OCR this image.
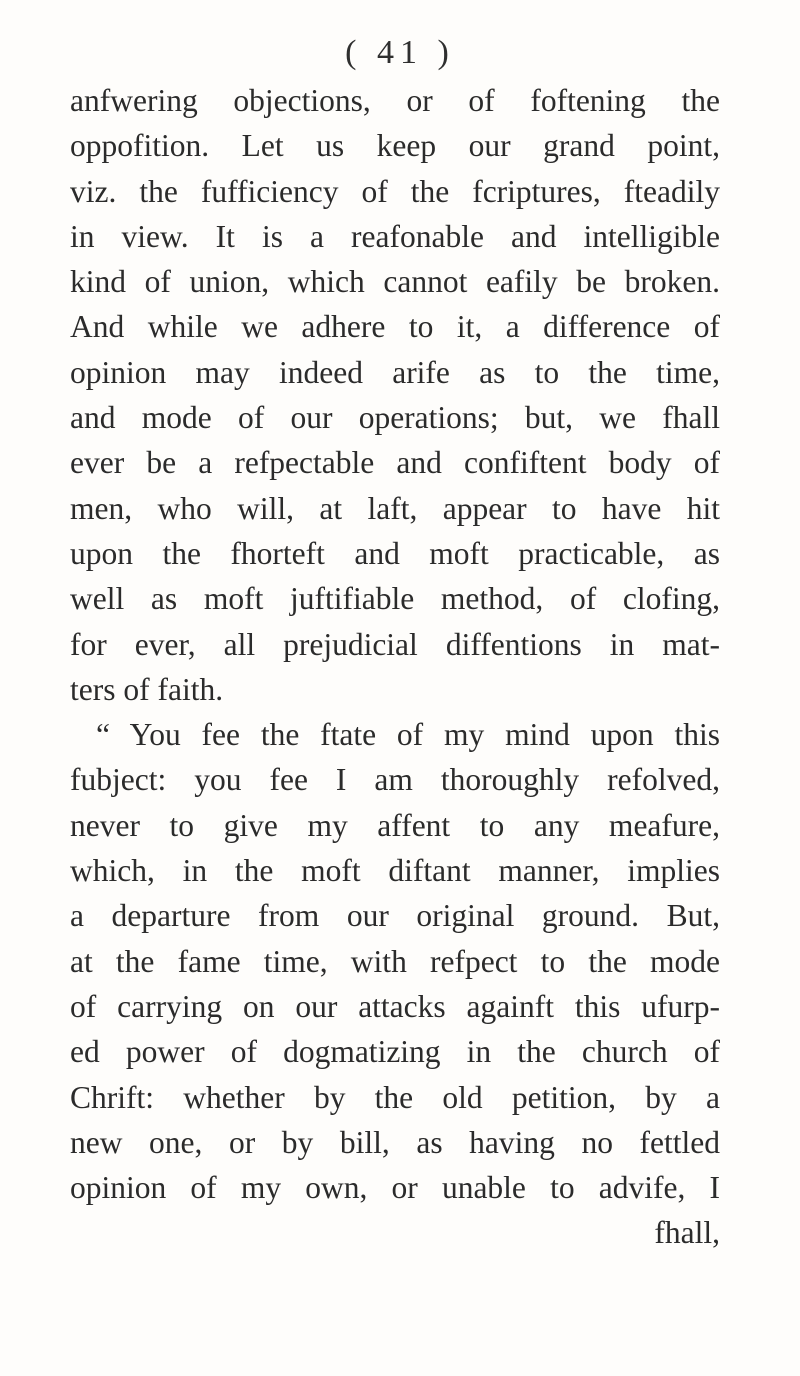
( 41 )
anfwering objections, or of foftening the
oppofition. Let us keep our grand point,
viz. the fufficiency of the fcriptures, fteadily
in view. It is a reafonable and intelligible
kind of union, which cannot eafily be broken.
And while we adhere to it, a difference of
opinion may indeed arife as to the time,
and mode of our operations; but, we fhall
ever be a refpectable and confiftent body of
men, who will, at laft, appear to have hit
upon the fhorteft and moft practicable, as
well as moft juftifiable method, of clofing,
for ever, all prejudicial diffentions in mat-
ters of faith.
“ You fee the ftate of my mind upon this
fubject: you fee I am thoroughly refolved,
never to give my affent to any meafure,
which, in the moft diftant manner, implies
a departure from our original ground. But,
at the fame time, with refpect to the mode
of carrying on our attacks againft this ufurp-
ed power of dogmatizing in the church of
Chrift: whether by the old petition, by a
new one, or by bill, as having no fettled
opinion of my own, or unable to advife, I
fhall,
